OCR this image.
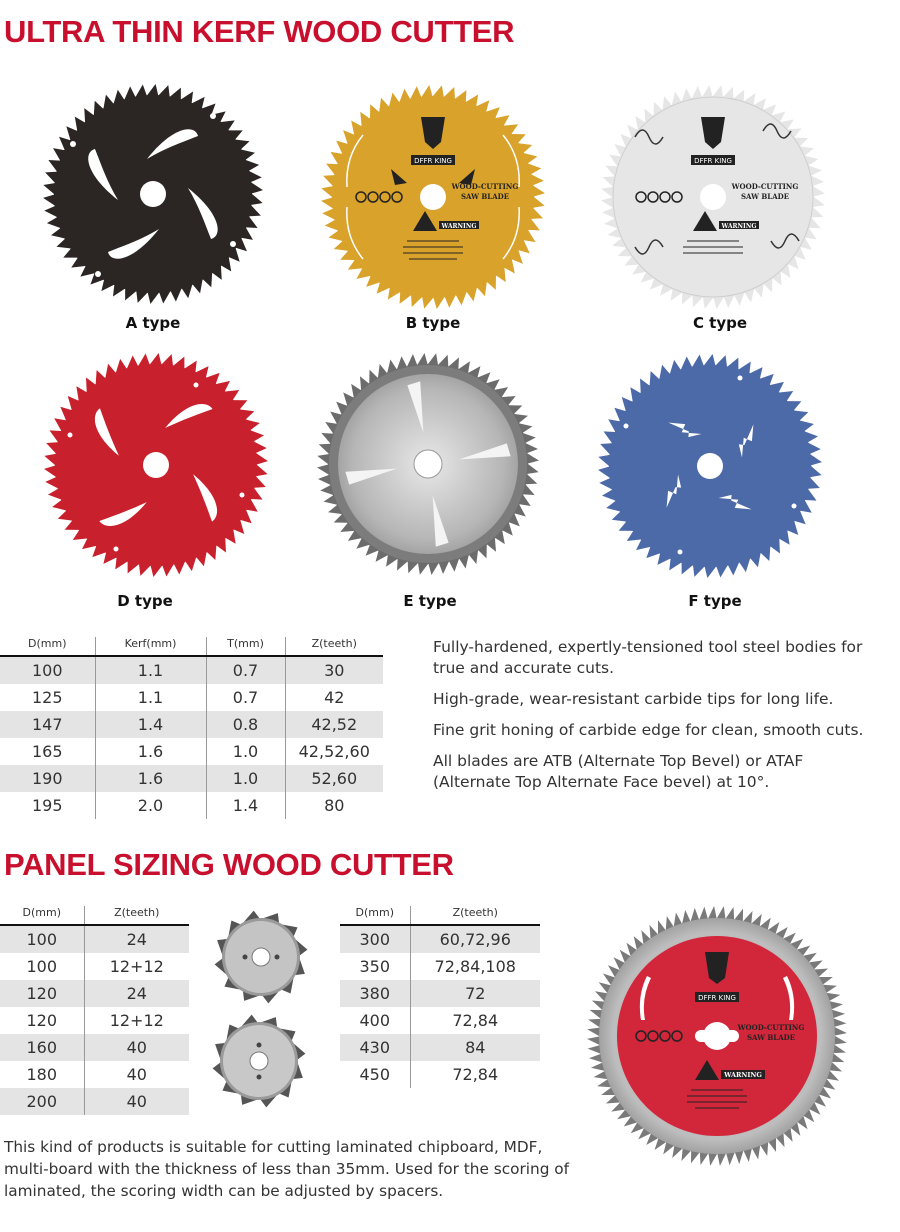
ULTRA THIN KERF WOOD CUTTER
A type
DFFR KING
WOOD-CUTTING
SAW BLADE
WARNING
B type
DFFR KING
WOOD-CUTTING
SAW BLADE
WARNING
C type
D type	E type	F type
D(mm)	Kerf(mm)	T(mm)	Z(teeth)
100	1.1	0.7	30
125	1.1	0.7	42
147	1.4	0.8	42,52
165	1.6	1.0	42,52,60
190	1.6	1.0	52,60
195	2.0	1.4	80

Fully-hardened, expertly-tensioned tool steel bodies for true and accurate cuts.

High-grade, wear-resistant carbide tips for long life.

Fine grit honing of carbide edge for clean, smooth cuts.

All blades are ATB (Alternate Top Bevel) or ATAF (Alternate Top Alternate Face bevel) at 10°.

PANEL SIZING WOOD CUTTER
D(mm)	Z(teeth)
100	24
100	12+12
120	24
120	12+12
160	40
180	40
200	40
D(mm)	Z(teeth)
300	60,72,96
350	72,84,108
380	72
400	72,84
430	84
450	72,84
DFFR KING
WOOD-CUTTING
SAW BLADE
WARNING

This kind of products is suitable for cutting laminated chipboard, MDF, multi-board with the thickness of less than 35mm. Used for the scoring of laminated, the scoring width can be adjusted by spacers.
